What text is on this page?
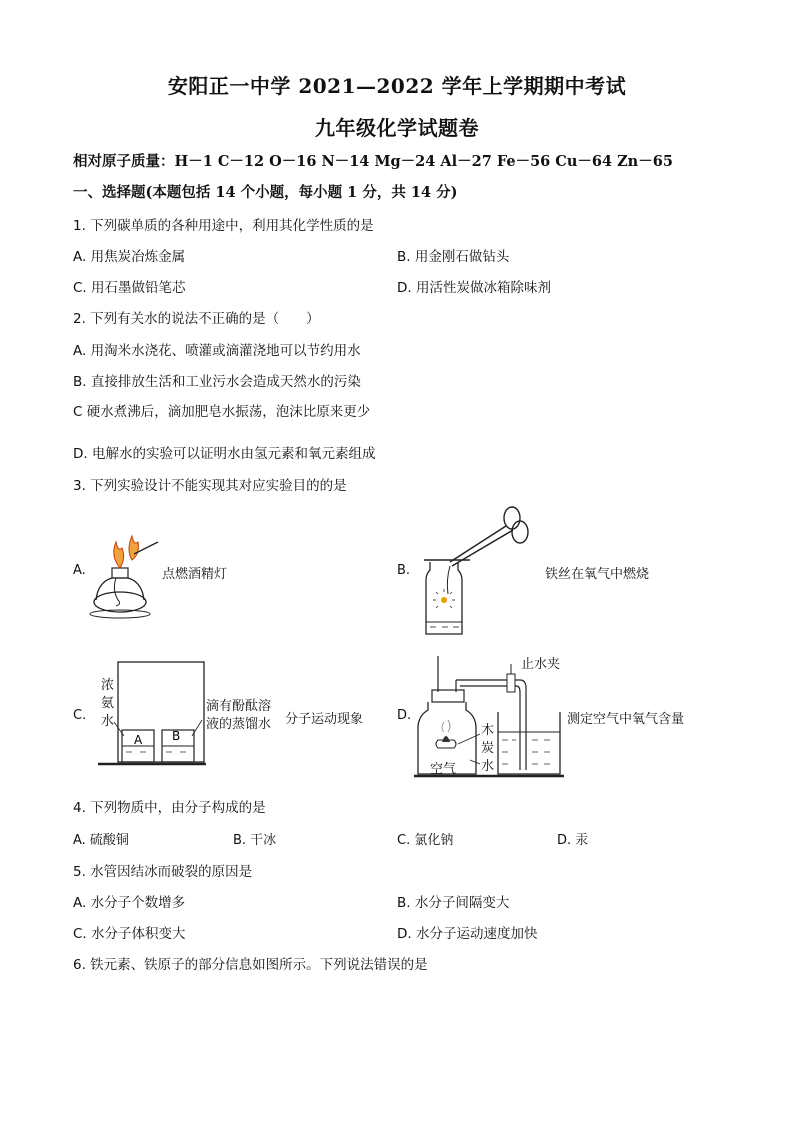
安阳正一中学 2021—2022 学年上学期期中考试
九年级化学试题卷
相对原子质量：H－1 C－12 O－16 N－14 Mg－24 Al－27 Fe－56 Cu－64 Zn－65
一、选择题(本题包括 14 个小题，每小题 1 分，共 14 分)
1. 下列碳单质的各种用途中，利用其化学性质的是
A. 用焦炭冶炼金属	B. 用金刚石做钻头
C. 用石墨做铅笔芯	D. 用活性炭做冰箱除味剂
2. 下列有关水的说法不正确的是（　　）
A. 用淘米水浇花、喷灌或滴灌浇地可以节约用水
B. 直接排放生活和工业污水会造成天然水的污染
C 硬水煮沸后，滴加肥皂水振荡，泡沫比原来更少
D. 电解水的实验可以证明水由氢元素和氧元素组成
3. 下列实验设计不能实现其对应实验目的的是
A.	点燃酒精灯	B.	铁丝在氧气中燃烧
C.
A B
浓
氨
水
滴有酚酞溶
液的蒸馏水 分子运动现象	D.
止水夹
木
炭
水
空气
测定空气中氧气含量
4. 下列物质中，由分子构成的是
A. 硫酸铜	B. 干冰	C. 氯化钠	D. 汞
5. 水管因结冰而破裂的原因是
A. 水分子个数增多	B. 水分子间隔变大
C. 水分子体积变大	D. 水分子运动速度加快
6. 铁元素、铁原子的部分信息如图所示。下列说法错误的是
